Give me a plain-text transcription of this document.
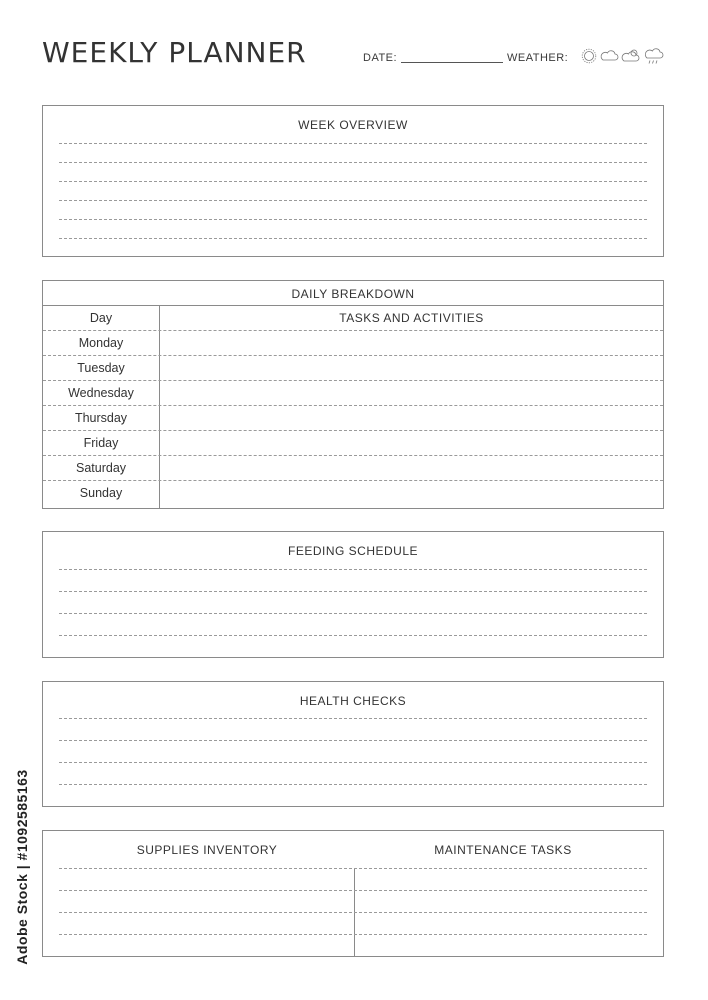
WEEKLY PLANNER	DATE:	WEATHER:
WEEK OVERVIEW
DAILY BREAKDOWN
Day	TASKS AND ACTIVITIES
Monday
Tuesday
Wednesday
Thursday
Friday
Saturday
Sunday
FEEDING SCHEDULE
HEALTH CHECKS
SUPPLIES INVENTORY	MAINTENANCE TASKS
Adobe Stock | #1092585163
